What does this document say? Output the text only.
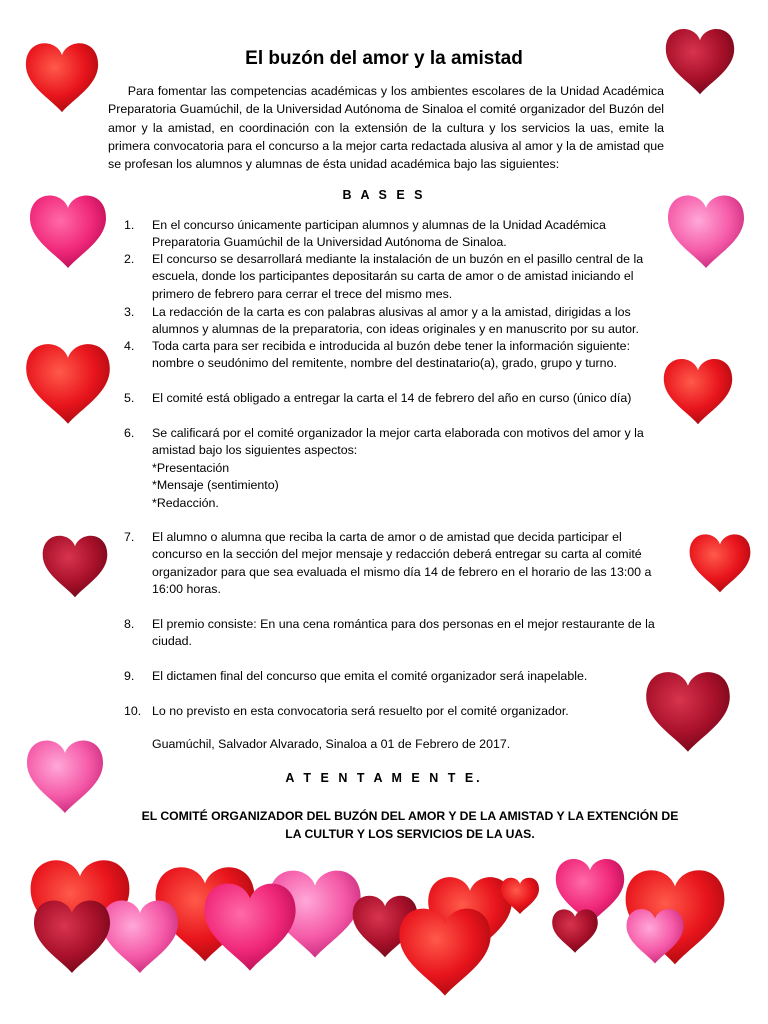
El buzón del amor y la amistad

Para fomentar las competencias académicas y los ambientes escolares de la Unidad Académica Preparatoria Guamúchil, de la Universidad Autónoma de Sinaloa el comité organizador del Buzón del amor y la amistad, en coordinación con la extensión de la cultura y los servicios la uas, emite la primera convocatoria para el concurso a la mejor carta redactada alusiva al amor y la de amistad que se profesan los alumnos y alumnas de ésta unidad académica bajo las siguientes:

B A S E S
1.	En el concurso únicamente participan alumnos y alumnas de la Unidad Académica Preparatoria Guamúchil de la Universidad Autónoma de Sinaloa.
2.	El concurso se desarrollará mediante la instalación de un buzón en el pasillo central de la escuela, donde los participantes depositarán su carta de amor o de amistad iniciando el primero de febrero para cerrar el trece del mismo mes.
3.	La redacción de la carta es con palabras alusivas al amor y a la amistad, dirigidas a los alumnos y alumnas de la preparatoria, con ideas originales y en manuscrito por su autor.
4.	Toda carta para ser recibida e introducida al buzón debe tener la información siguiente: nombre o seudónimo del remitente, nombre del destinatario(a), grado, grupo y turno.
5.	El comité está obligado a entregar la carta el 14 de febrero del año en curso (único día)
6.	Se calificará por el comité organizador la mejor carta elaborada con motivos del amor y la amistad bajo los siguientes aspectos:
*Presentación
*Mensaje (sentimiento)
*Redacción.
7.	El alumno o alumna que reciba la carta de amor o de amistad que decida participar el concurso en la sección del mejor mensaje y redacción deberá entregar su carta al comité organizador para que sea evaluada el mismo día 14 de febrero en el horario de las 13:00 a 16:00 horas.
8.	El premio consiste: En una cena romántica para dos personas en el mejor restaurante de la ciudad.
9.	El dictamen final del concurso que emita el comité organizador será inapelable.
10. Lo no previsto en esta convocatoria será resuelto por el comité organizador.
Guamúchil, Salvador Alvarado, Sinaloa a 01 de Febrero de 2017.
A T E N T A M E N T E.
EL COMITÉ ORGANIZADOR DEL BUZÓN DEL AMOR Y DE LA AMISTAD Y LA EXTENCIÓN DE LA CULTUR Y LOS SERVICIOS DE LA UAS.
